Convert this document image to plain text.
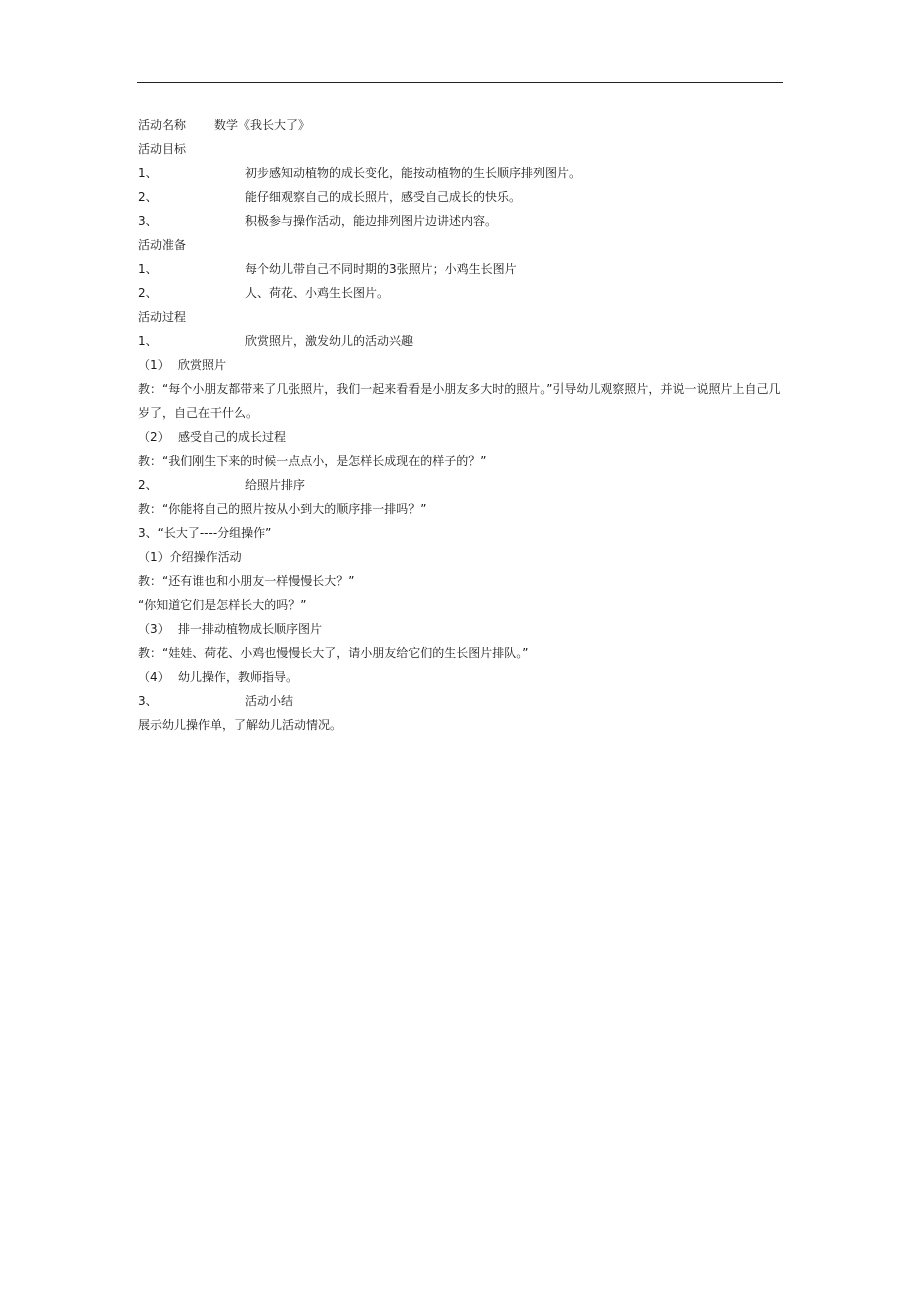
活动名称 数学《我长大了》
活动目标
1、	初步感知动植物的成长变化，能按动植物的生长顺序排列图片。
2、	能仔细观察自己的成长照片，感受自己成长的快乐。
3、	积极参与操作活动，能边排列图片边讲述内容。
活动准备
1、	每个幼儿带自己不同时期的3张照片；小鸡生长图片
2、	人、荷花、小鸡生长图片。
活动过程
1、	欣赏照片，激发幼儿的活动兴趣
（1） 欣赏照片
教：“每个小朋友都带来了几张照片，我们一起来看看是小朋友多大时的照片。”引导幼儿观察照片，并说一说照片上自己几岁了，自己在干什么。
（2） 感受自己的成长过程
教：“我们刚生下来的时候一点点小，是怎样长成现在的样子的？”
2、	给照片排序
教：“你能将自己的照片按从小到大的顺序排一排吗？”
3、“长大了----分组操作”
（1）介绍操作活动
教：“还有谁也和小朋友一样慢慢长大？”
“你知道它们是怎样长大的吗？”
（3） 排一排动植物成长顺序图片
教：“娃娃、荷花、小鸡也慢慢长大了，请小朋友给它们的生长图片排队。”
（4） 幼儿操作，教师指导。
3、	活动小结
展示幼儿操作单，了解幼儿活动情况。
